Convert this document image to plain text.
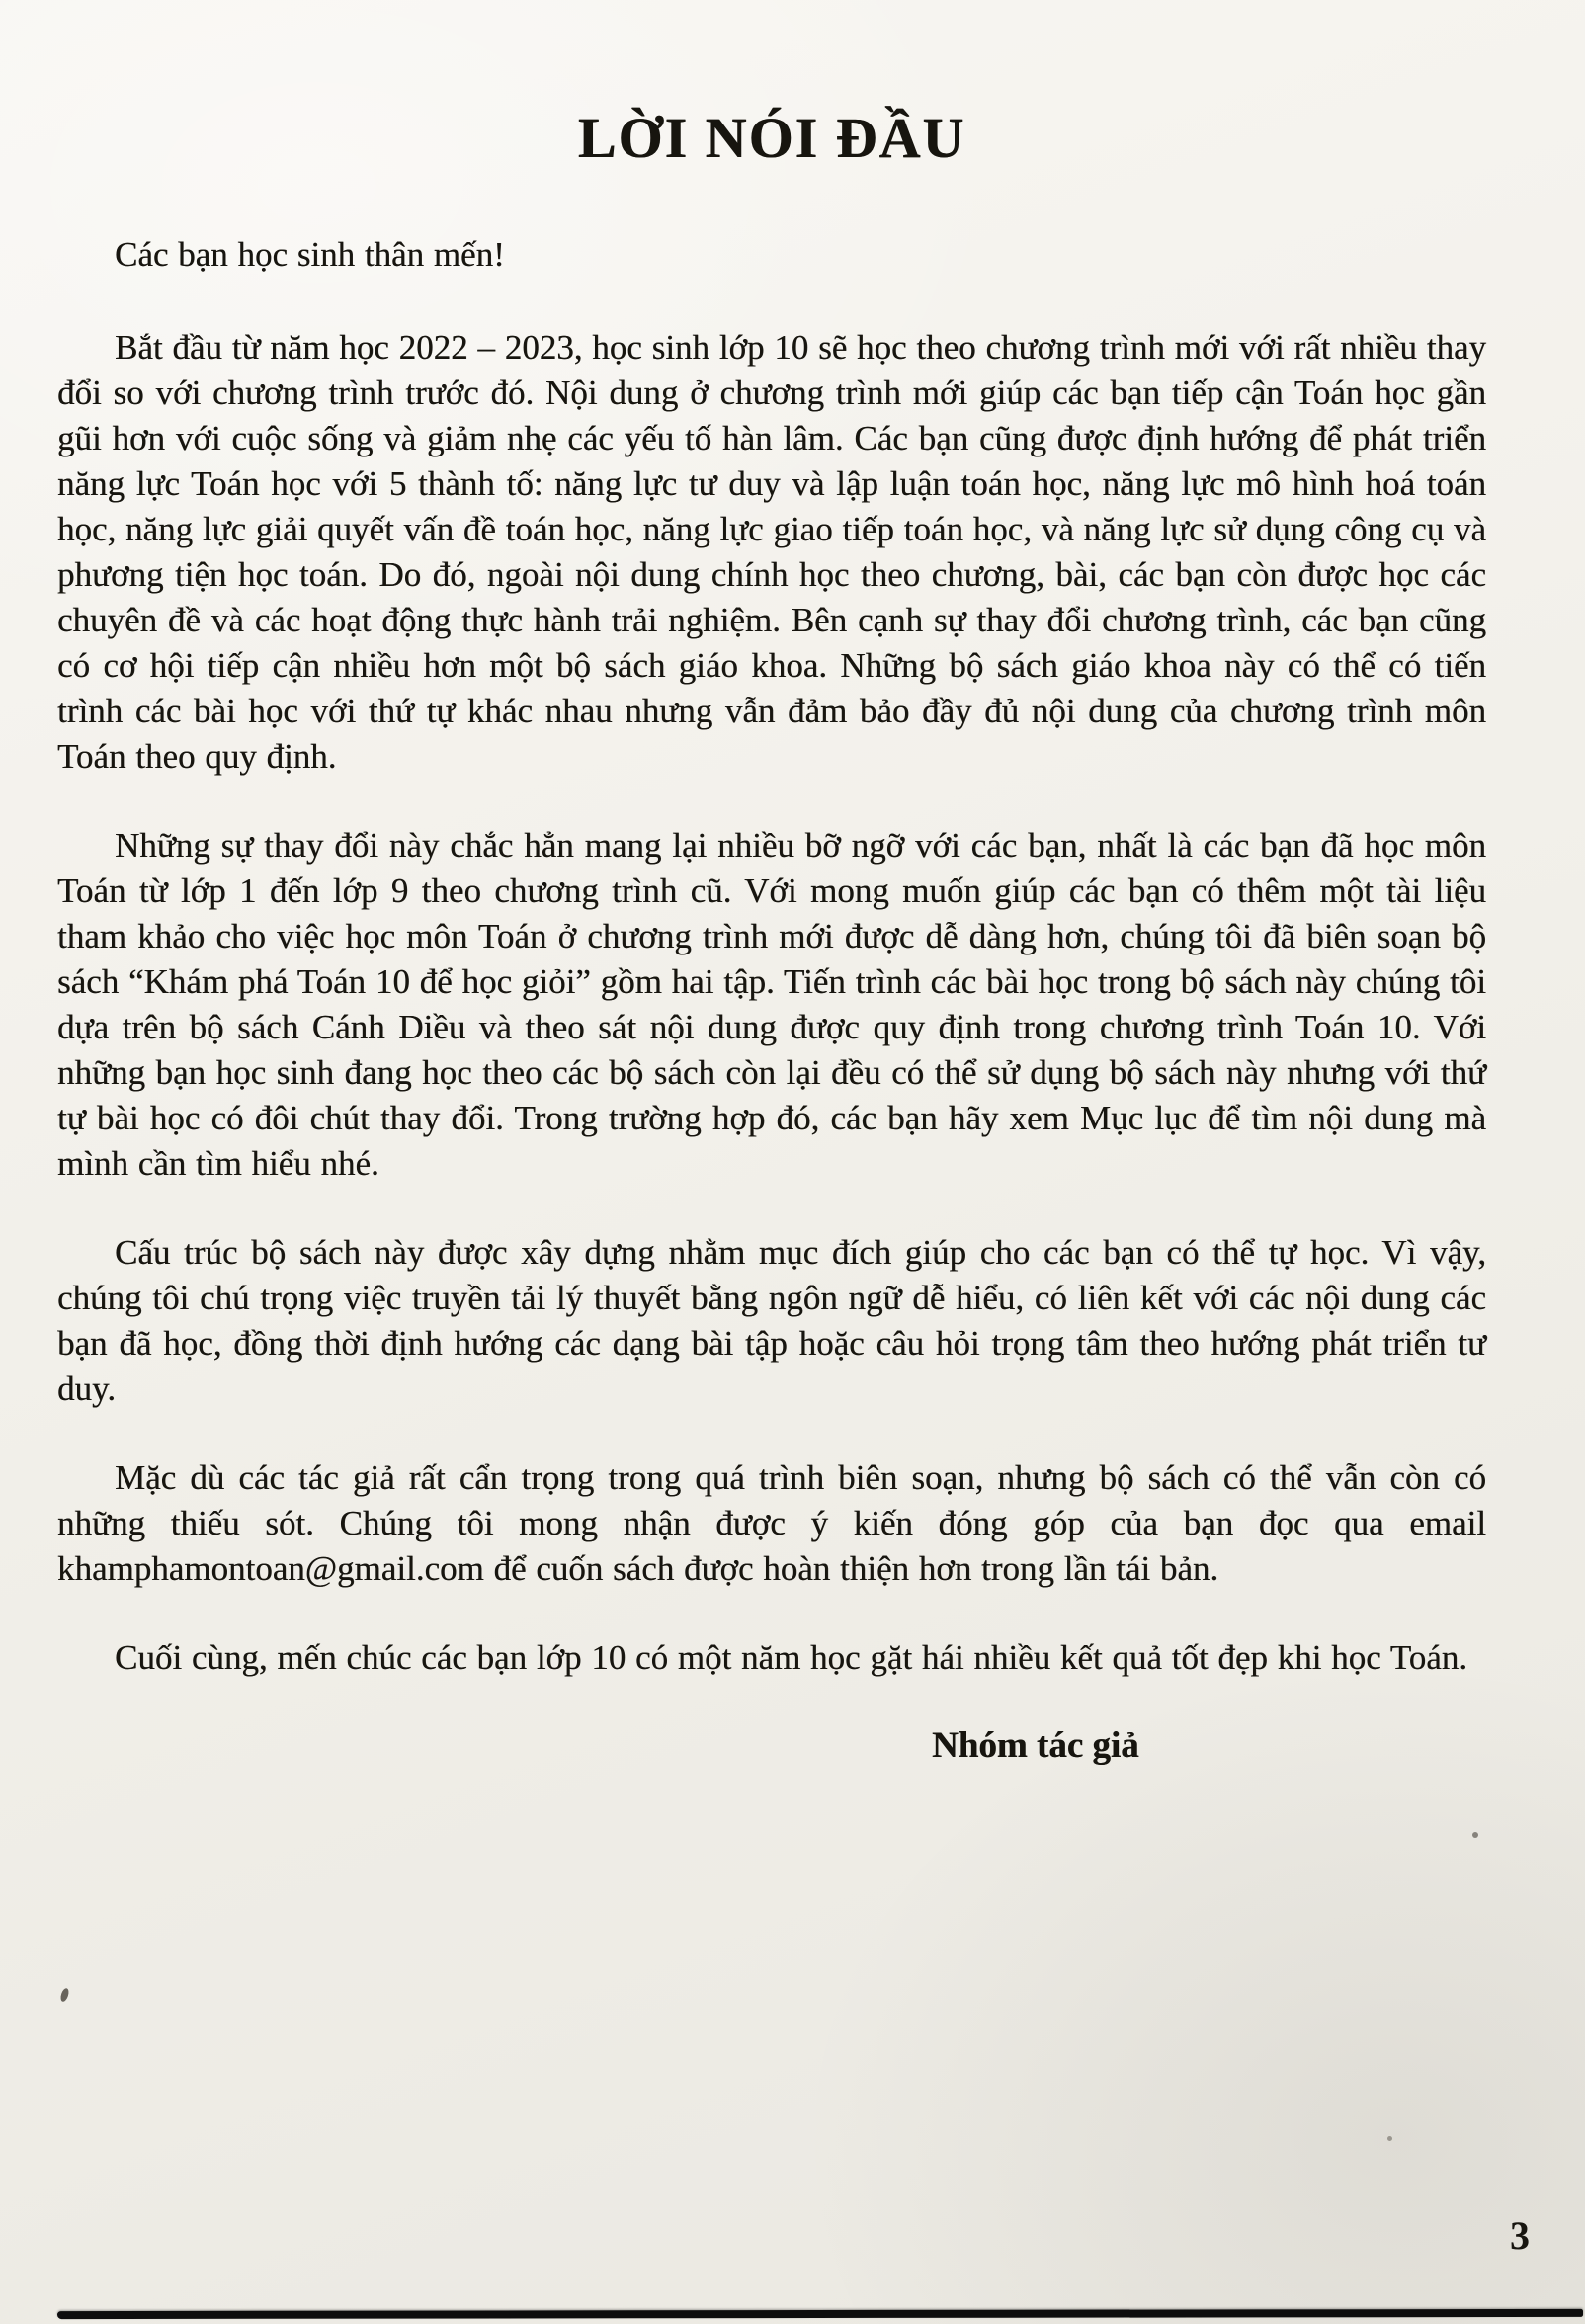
LỜI NÓI ĐẦU

Các bạn học sinh thân mến!

Bắt đầu từ năm học 2022 – 2023, học sinh lớp 10 sẽ học theo chương trình mới với rất nhiều thay đổi so với chương trình trước đó. Nội dung ở chương trình mới giúp các bạn tiếp cận Toán học gần gũi hơn với cuộc sống và giảm nhẹ các yếu tố hàn lâm. Các bạn cũng được định hướng để phát triển năng lực Toán học với 5 thành tố: năng lực tư duy và lập luận toán học, năng lực mô hình hoá toán học, năng lực giải quyết vấn đề toán học, năng lực giao tiếp toán học, và năng lực sử dụng công cụ và phương tiện học toán. Do đó, ngoài nội dung chính học theo chương, bài, các bạn còn được học các chuyên đề và các hoạt động thực hành trải nghiệm. Bên cạnh sự thay đổi chương trình, các bạn cũng có cơ hội tiếp cận nhiều hơn một bộ sách giáo khoa. Những bộ sách giáo khoa này có thể có tiến trình các bài học với thứ tự khác nhau nhưng vẫn đảm bảo đầy đủ nội dung của chương trình môn Toán theo quy định.

Những sự thay đổi này chắc hẳn mang lại nhiều bỡ ngỡ với các bạn, nhất là các bạn đã học môn Toán từ lớp 1 đến lớp 9 theo chương trình cũ. Với mong muốn giúp các bạn có thêm một tài liệu tham khảo cho việc học môn Toán ở chương trình mới được dễ dàng hơn, chúng tôi đã biên soạn bộ sách “Khám phá Toán 10 để học giỏi” gồm hai tập. Tiến trình các bài học trong bộ sách này chúng tôi dựa trên bộ sách Cánh Diều và theo sát nội dung được quy định trong chương trình Toán 10. Với những bạn học sinh đang học theo các bộ sách còn lại đều có thể sử dụng bộ sách này nhưng với thứ tự bài học có đôi chút thay đổi. Trong trường hợp đó, các bạn hãy xem Mục lục để tìm nội dung mà mình cần tìm hiểu nhé.

Cấu trúc bộ sách này được xây dựng nhằm mục đích giúp cho các bạn có thể tự học. Vì vậy, chúng tôi chú trọng việc truyền tải lý thuyết bằng ngôn ngữ dễ hiểu, có liên kết với các nội dung các bạn đã học, đồng thời định hướng các dạng bài tập hoặc câu hỏi trọng tâm theo hướng phát triển tư duy.

Mặc dù các tác giả rất cẩn trọng trong quá trình biên soạn, nhưng bộ sách có thể vẫn còn có những thiếu sót. Chúng tôi mong nhận được ý kiến đóng góp của bạn đọc qua email khamphamontoan@gmail.com để cuốn sách được hoàn thiện hơn trong lần tái bản.

Cuối cùng, mến chúc các bạn lớp 10 có một năm học gặt hái nhiều kết quả tốt đẹp khi học Toán.

Nhóm tác giả
3
